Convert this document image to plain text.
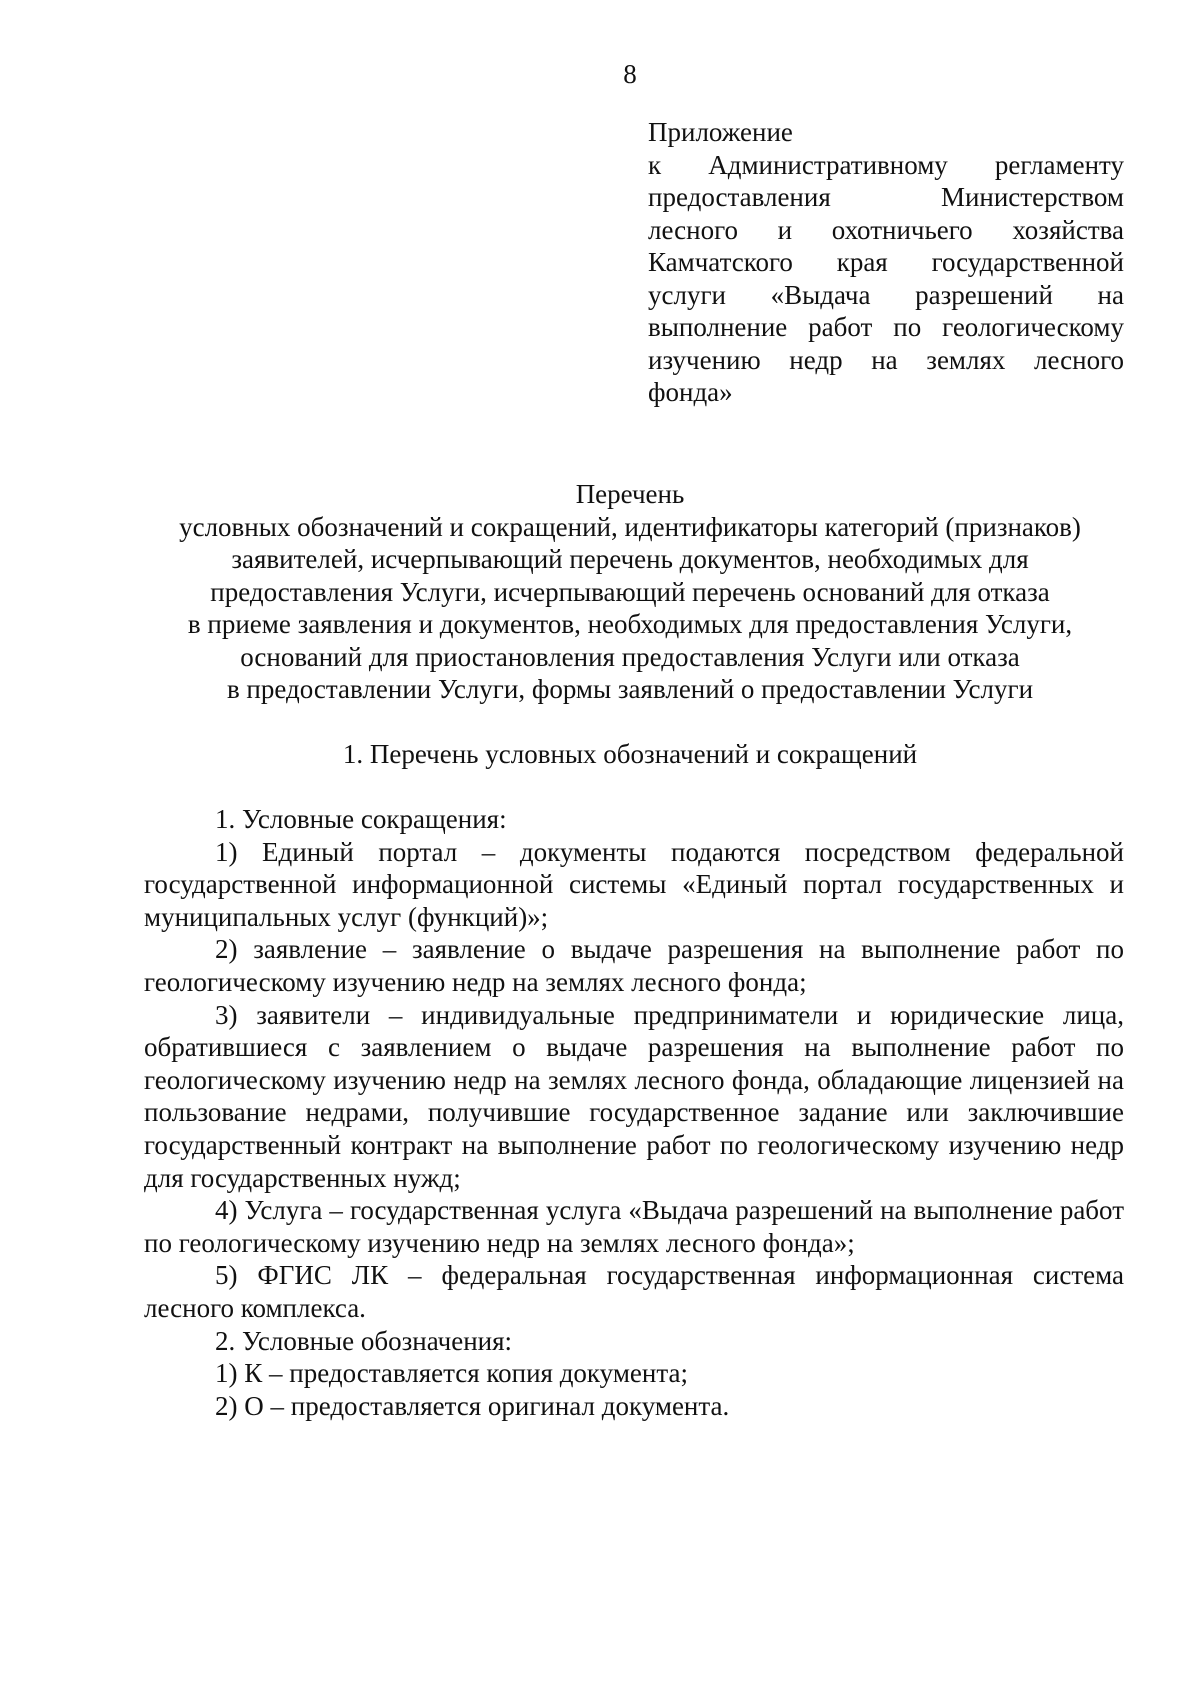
8
Приложение
к Административному регламенту
предоставления Министерством
лесного и охотничьего хозяйства
Камчатского края государственной
услуги «Выдача разрешений на
выполнение работ по геологическому
изучению недр на землях лесного
фонда»
Перечень
условных обозначений и сокращений, идентификаторы категорий (признаков)
заявителей, исчерпывающий перечень документов, необходимых для
предоставления Услуги, исчерпывающий перечень оснований для отказа
в приеме заявления и документов, необходимых для предоставления Услуги,
оснований для приостановления предоставления Услуги или отказа
в предоставлении Услуги, формы заявлений о предоставлении Услуги
1. Перечень условных обозначений и сокращений
1. Условные сокращения:
1) Единый портал – документы подаются посредством федеральной государственной информационной системы «Единый портал государственных и муниципальных услуг (функций)»;
2) заявление – заявление о выдаче разрешения на выполнение работ по геологическому изучению недр на землях лесного фонда;
3) заявители – индивидуальные предприниматели и юридические лица, обратившиеся с заявлением о выдаче разрешения на выполнение работ по геологическому изучению недр на землях лесного фонда, обладающие лицензией на пользование недрами, получившие государственное задание или заключившие государственный контракт на выполнение работ по геологическому изучению недр для государственных нужд;
4) Услуга – государственная услуга «Выдача разрешений на выполнение работ по геологическому изучению недр на землях лесного фонда»;
5) ФГИС ЛК – федеральная государственная информационная система лесного комплекса.
2. Условные обозначения:
1) К – предоставляется копия документа;
2) О – предоставляется оригинал документа.
